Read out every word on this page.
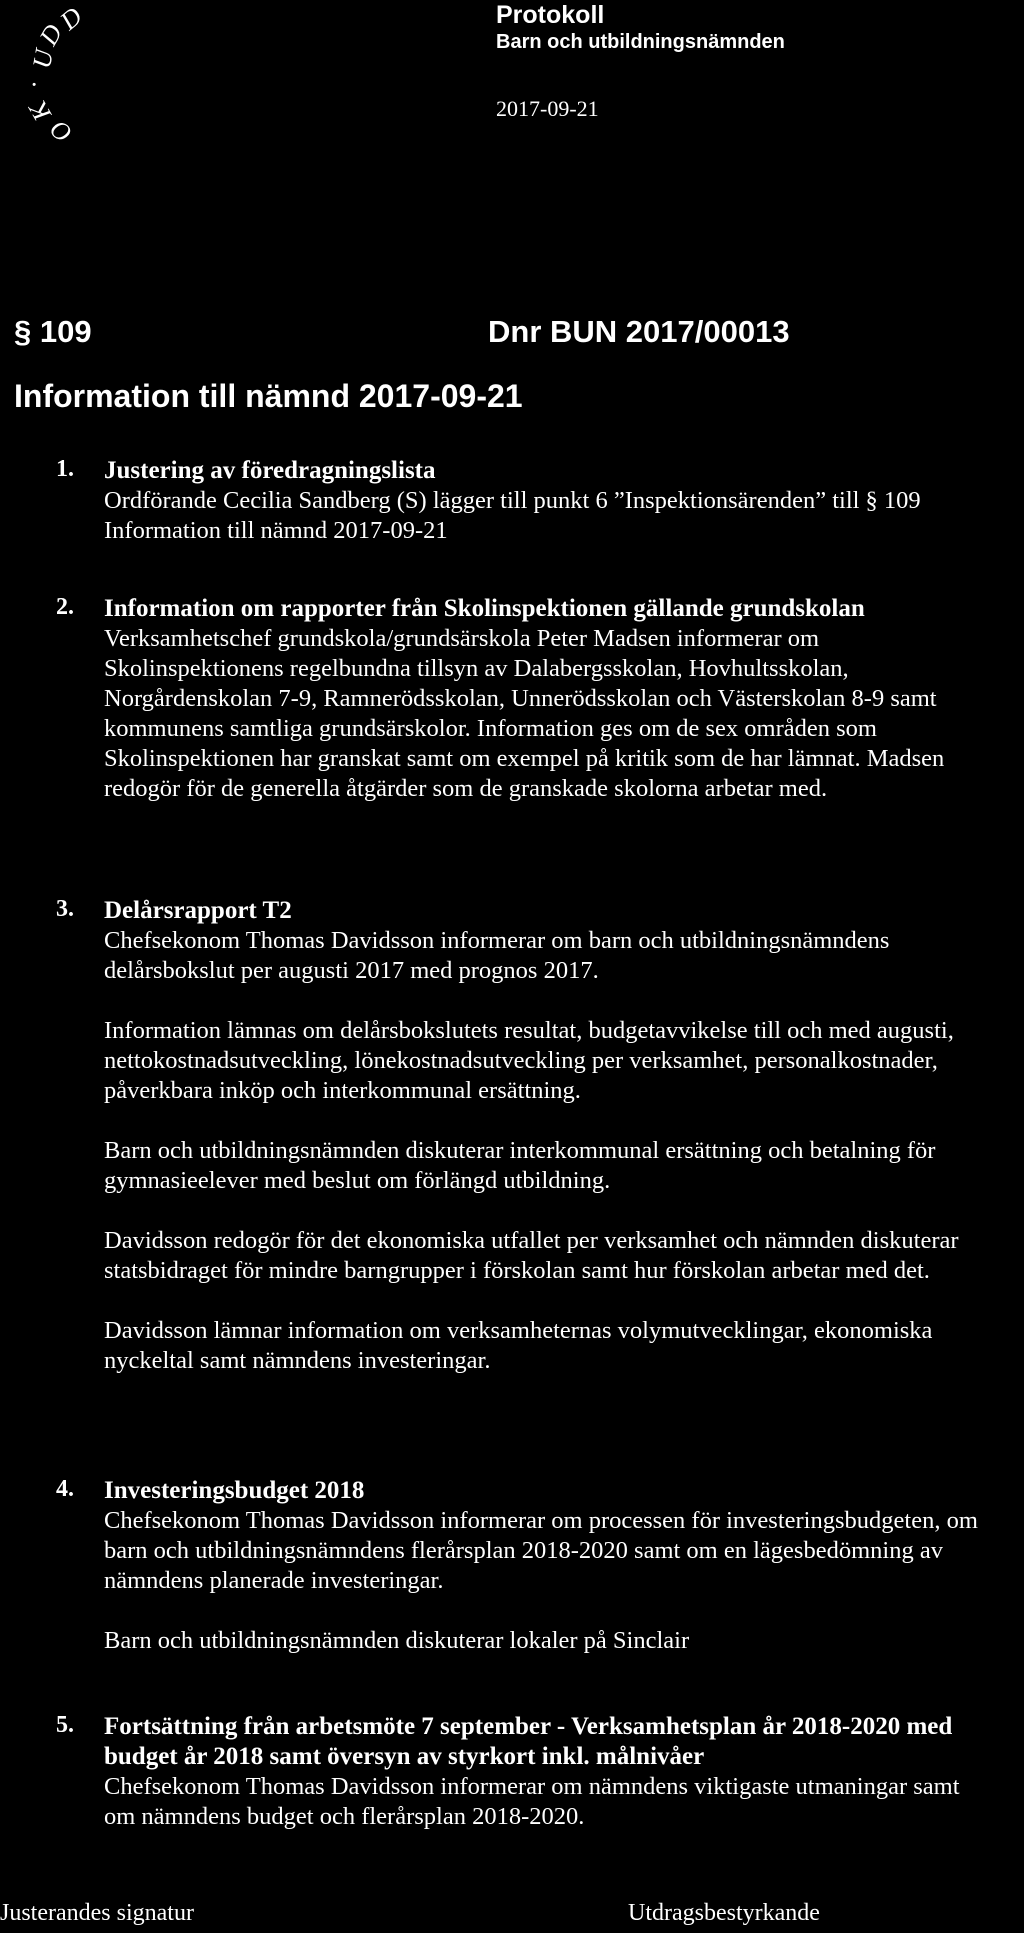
U
D
D
.
K
O
Protokoll
Barn och utbildningsnämnden
2017-09-21
§ 109	Dnr BUN 2017/00013
Information till nämnd 2017-09-21
1. Justering av föredragningslista
Ordförande Cecilia Sandberg (S) lägger till punkt 6 ”Inspektionsärenden” till § 109 Information till nämnd 2017-09-21
2. Information om rapporter från Skolinspektionen gällande grundskolan
Verksamhetschef grundskola/grundsärskola Peter Madsen informerar om Skolinspektionens regelbundna tillsyn av Dalabergsskolan, Hovhultsskolan, Norgårdenskolan 7-9, Ramnerödsskolan, Unnerödsskolan och Västerskolan 8-9 samt kommunens samtliga grundsärskolor. Information ges om de sex områden som Skolinspektionen har granskat samt om exempel på kritik som de har lämnat. Madsen redogör för de generella åtgärder som de granskade skolorna arbetar med.
3. Delårsrapport T2
Chefsekonom Thomas Davidsson informerar om barn och utbildningsnämndens delårsbokslut per augusti 2017 med prognos 2017.
Information lämnas om delårsbokslutets resultat, budgetavvikelse till och med augusti, nettokostnadsutveckling, lönekostnadsutveckling per verksamhet, personalkostnader, påverkbara inköp och interkommunal ersättning.
Barn och utbildningsnämnden diskuterar interkommunal ersättning och betalning för gymnasieelever med beslut om förlängd utbildning.
Davidsson redogör för det ekonomiska utfallet per verksamhet och nämnden diskuterar statsbidraget för mindre barngrupper i förskolan samt hur förskolan arbetar med det.
Davidsson lämnar information om verksamheternas volymutvecklingar, ekonomiska nyckeltal samt nämndens investeringar.
4. Investeringsbudget 2018
Chefsekonom Thomas Davidsson informerar om processen för investeringsbudgeten, om barn och utbildningsnämndens flerårsplan 2018-2020 samt om en lägesbedömning av nämndens planerade investeringar.
Barn och utbildningsnämnden diskuterar lokaler på Sinclair
5. Fortsättning från arbetsmöte 7 september - Verksamhetsplan år 2018-2020 med budget år 2018 samt översyn av styrkort inkl. målnivåer
Chefsekonom Thomas Davidsson informerar om nämndens viktigaste utmaningar samt om nämndens budget och flerårsplan 2018-2020.
Justerandes signatur	Utdragsbestyrkande
